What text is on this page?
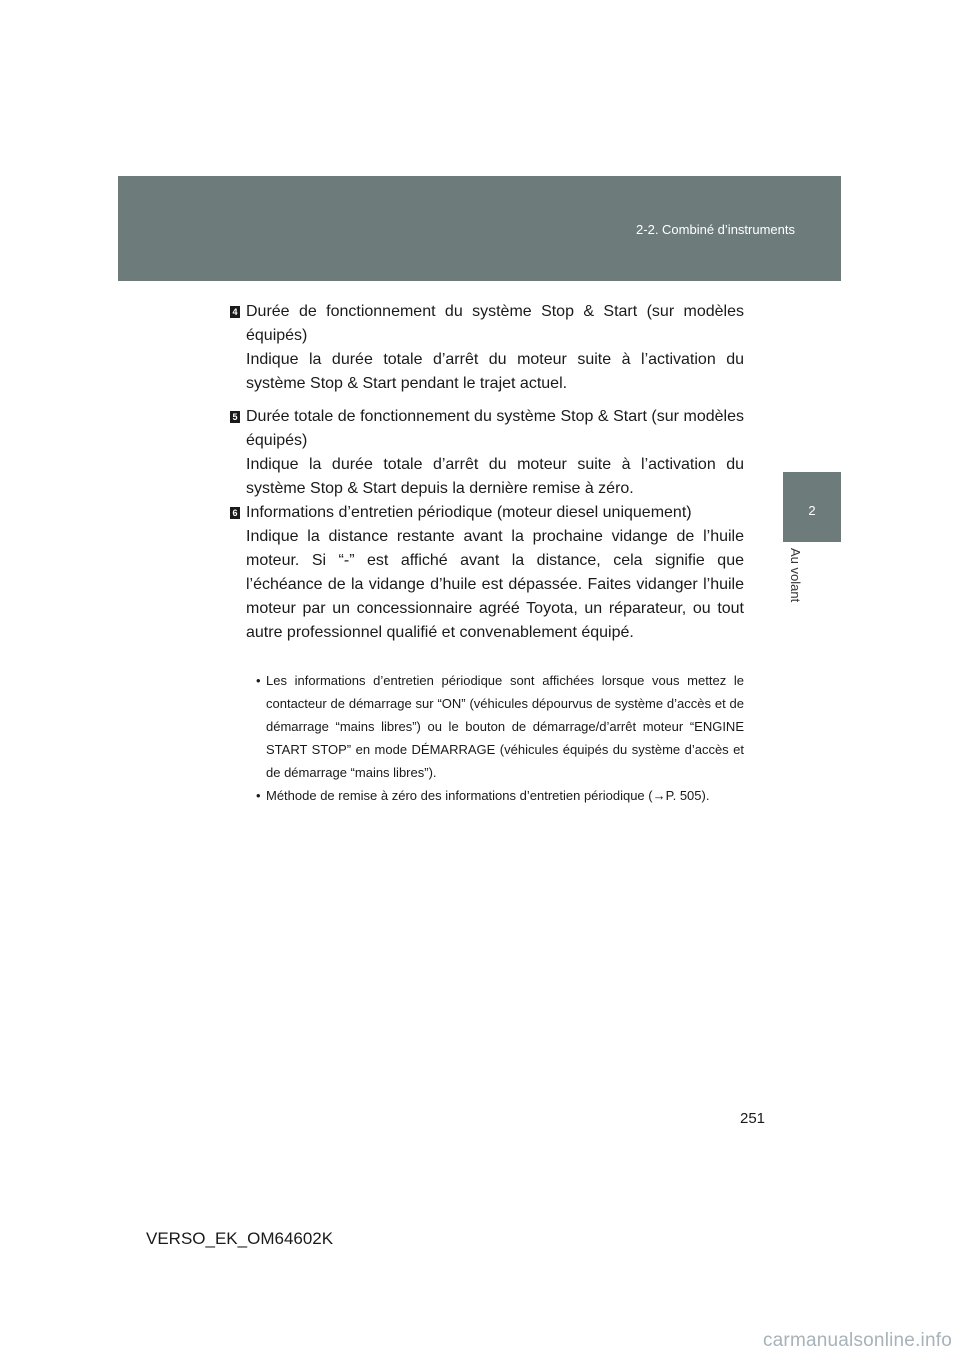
2-2. Combiné d’instruments
2
Au volant
4 Durée de fonctionnement du système Stop & Start (sur modèles équipés)

Indique la durée totale d’arrêt du moteur suite à l’activation du système Stop & Start pendant le trajet actuel.

5 Durée totale de fonctionnement du système Stop & Start (sur modèles équipés)

Indique la durée totale d’arrêt du moteur suite à l’activation du système Stop & Start depuis la dernière remise à zéro.

6 Informations d’entretien périodique (moteur diesel uniquement)

Indique la distance restante avant la prochaine vidange de l’huile moteur. Si “-” est affiché avant la distance, cela signifie que l’échéance de la vidange d’huile est dépassée. Faites vidanger l’huile moteur par un concessionnaire agréé Toyota, un réparateur, ou tout autre professionnel qualifié et convenablement équipé.

• Les informations d’entretien périodique sont affichées lorsque vous mettez le contacteur de démarrage sur “ON” (véhicules dépourvus de système d’accès et de démarrage “mains libres”) ou le bouton de démarrage/d’arrêt moteur “ENGINE START STOP” en mode DÉMARRAGE (véhicules équipés du système d’accès et de démarrage “mains libres”).
• Méthode de remise à zéro des informations d’entretien périodique (→P. 505).
251
VERSO_EK_OM64602K
carmanualsonline.info
